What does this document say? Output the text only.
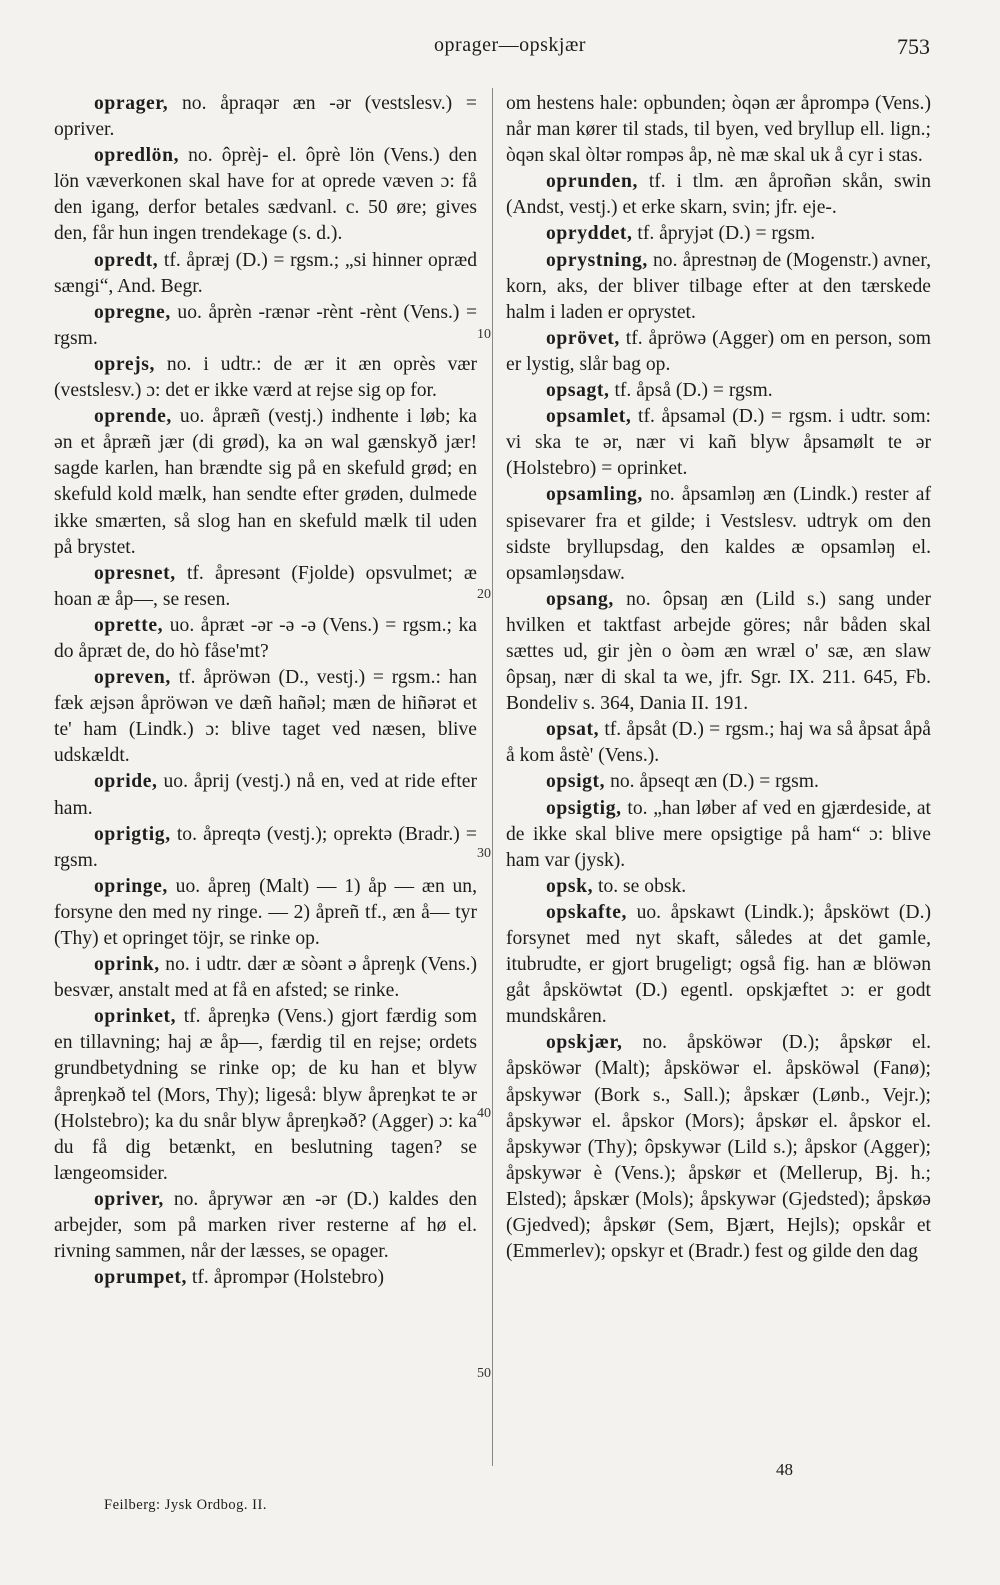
oprager—opskjær	753

oprager, no. åpraqər æn -ər (vestslesv.) = opriver.

opredlön, no. ôprèj- el. ôprè lön (Vens.) den lön væverkonen skal have for at oprede væven ɔ: få den igang, derfor betales sædvanl. c. 50 øre; gives den, får hun ingen trendekage (s. d.).

opredt, tf. åpræj (D.) = rgsm.; „si hinner opræd sængi“, And. Begr.

opregne, uo. åprèn -rænər -rènt -rènt (Vens.) = rgsm.

oprejs, no. i udtr.: de ær it æn oprès vær (vestslesv.) ɔ: det er ikke værd at rejse sig op for.

oprende, uo. åpræñ (vestj.) indhente i løb; ka ən et åpræñ jær (di grød), ka ən wal gænskyð jær! sagde karlen, han brændte sig på en skefuld grød; en skefuld kold mælk, han sendte efter grøden, dulmede ikke smærten, så slog han en skefuld mælk til uden på brystet.

opresnet, tf. åpresənt (Fjolde) opsvulmet; æ hoan æ åp—, se resen.

oprette, uo. åpræt -ər -ə -ə (Vens.) = rgsm.; ka do åpræt de, do hò fåse'mt?

opreven, tf. åpröwən (D., vestj.) = rgsm.: han fæk æjsən åpröwən ve dæñ hañəl; mæn de hiñərət et te' ham (Lindk.) ɔ: blive taget ved næsen, blive udskældt.

opride, uo. åprij (vestj.) nå en, ved at ride efter ham.

oprigtig, to. åpreqtə (vestj.); oprektə (Bradr.) = rgsm.

opringe, uo. åpreŋ (Malt) — 1) åp — æn un, forsyne den med ny ringe. — 2) åpreñ tf., æn å— tyr (Thy) et opringet töjr, se rinke op.

oprink, no. i udtr. dær æ sòənt ə åpreŋk (Vens.) besvær, anstalt med at få en afsted; se rinke.

oprinket, tf. åpreŋkə (Vens.) gjort færdig som en tillavning; haj æ åp—, færdig til en rejse; ordets grundbetydning se rinke op; de ku han et blyw åpreŋkəð tel (Mors, Thy); ligeså: blyw åpreŋkət te ər (Holstebro); ka du snår blyw åpreŋkəð? (Agger) ɔ: ka du få dig betænkt, en beslutning tagen? se længeomsider.

opriver, no. åprywər æn -ər (D.) kaldes den arbejder, som på marken river resterne af hø el. rivning sammen, når der læsses, se opager.

oprumpet, tf. åprompər (Holstebro)

om hestens hale: opbunden; òqən ær åprompə (Vens.) når man kører til stads, til byen, ved bryllup ell. lign.; òqən skal òltər rompəs åp, nè mæ skal uk å cyr i stas.

oprunden, tf. i tlm. æn åproñən skån, swin (Andst, vestj.) et erke skarn, svin; jfr. eje-.

opryddet, tf. åpryjət (D.) = rgsm.

oprystning, no. åprestnəŋ de (Mogenstr.) avner, korn, aks, der bliver tilbage efter at den tærskede halm i laden er oprystet.

oprövet, tf. åpröwə (Agger) om en person, som er lystig, slår bag op.

opsagt, tf. åpså (D.) = rgsm.

opsamlet, tf. åpsaməl (D.) = rgsm. i udtr. som: vi ska te ər, nær vi kañ blyw åpsamølt te ər (Holstebro) = oprinket.

opsamling, no. åpsamləŋ æn (Lindk.) rester af spisevarer fra et gilde; i Vestslesv. udtryk om den sidste bryllupsdag, den kaldes æ opsamləŋ el. opsamləŋsdaw.

opsang, no. ôpsaŋ æn (Lild s.) sang under hvilken et taktfast arbejde göres; når båden skal sættes ud, gir jèn o òəm æn wræl o' sæ, æn slaw ôpsaŋ, nær di skal ta we, jfr. Sgr. IX. 211. 645, Fb. Bondeliv s. 364, Dania II. 191.

opsat, tf. åpsåt (D.) = rgsm.; haj wa så åpsat åpå å kom åstè' (Vens.).

opsigt, no. åpseqt æn (D.) = rgsm.

opsigtig, to. „han løber af ved en gjærdeside, at de ikke skal blive mere opsigtige på ham“ ɔ: blive ham var (jysk).

opsk, to. se obsk.

opskafte, uo. åpskawt (Lindk.); åpsköwt (D.) forsynet med nyt skaft, således at det gamle, itubrudte, er gjort brugeligt; også fig. han æ blöwən gåt åpsköwtət (D.) egentl. opskjæftet ɔ: er godt mundskåren.

opskjær, no. åpsköwər (D.); åpskør el. åpsköwər (Malt); åpsköwər el. åpsköwəl (Fanø); åpskywər (Bork s., Sall.); åpskær (Lønb., Vejr.); åpskywər el. åpskor (Mors); åpskør el. åpskor el. åpskywər (Thy); ôpskywər (Lild s.); åpskor (Agger); åpskywər è (Vens.); åpskør et (Mellerup, Bj. h.; Elsted); åpskær (Mols); åpskywər (Gjedsted); åpskøə (Gjedved); åpskør (Sem, Bjært, Hejls); opskår et (Emmerlev); opskyr et (Bradr.) fest og gilde den dag

10
20
30
40
50
Feilberg: Jysk Ordbog. II.
48
